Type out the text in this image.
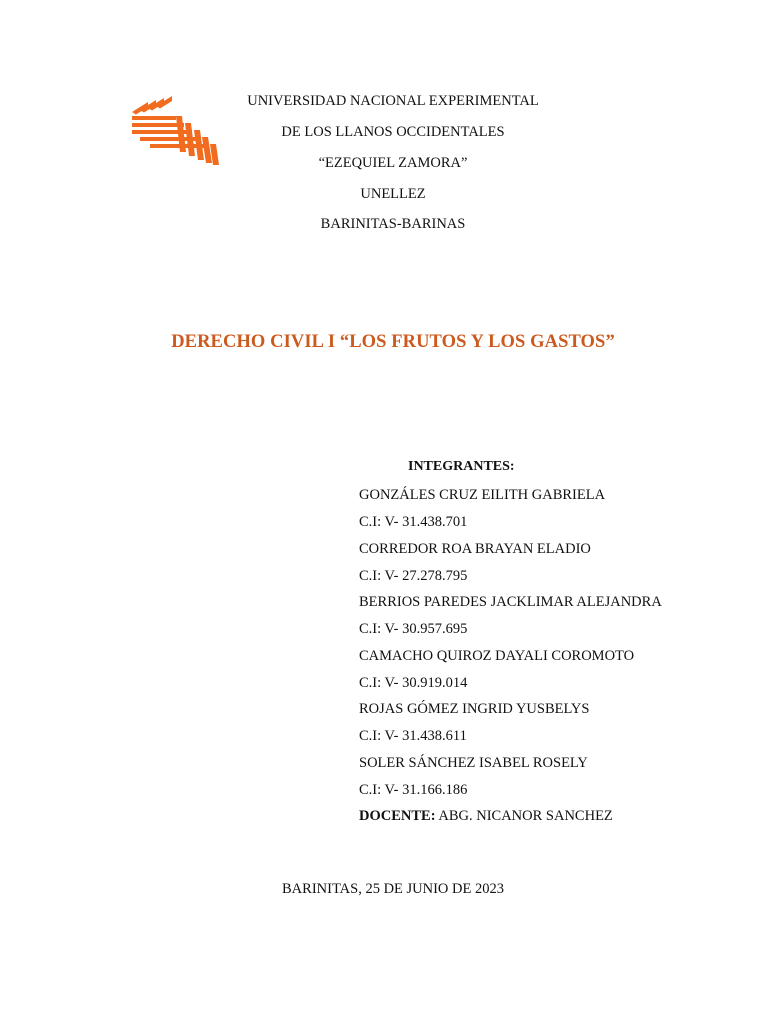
UNIVERSIDAD NACIONAL EXPERIMENTAL
DE LOS LLANOS OCCIDENTALES
“EZEQUIEL ZAMORA”
UNELLEZ
BARINITAS-BARINAS
DERECHO CIVIL I “LOS FRUTOS Y LOS GASTOS”
INTEGRANTES:
GONZÁLES CRUZ EILITH GABRIELA
C.I: V- 31.438.701
CORREDOR ROA BRAYAN ELADIO
C.I: V- 27.278.795
BERRIOS PAREDES JACKLIMAR ALEJANDRA
C.I: V- 30.957.695
CAMACHO QUIROZ DAYALI COROMOTO
C.I: V- 30.919.014
ROJAS GÓMEZ INGRID YUSBELYS
C.I: V- 31.438.611
SOLER SÁNCHEZ ISABEL ROSELY
C.I: V- 31.166.186
DOCENTE: ABG. NICANOR SANCHEZ
BARINITAS, 25 DE JUNIO DE 2023
